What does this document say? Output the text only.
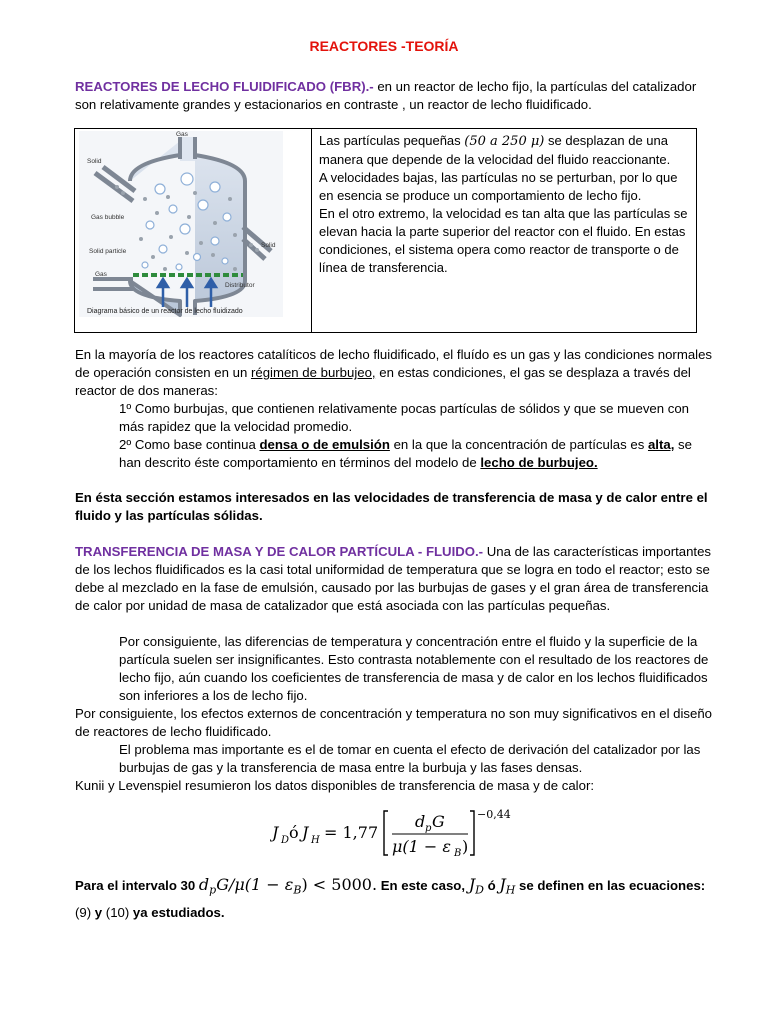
REACTORES -TEORÍA
REACTORES DE LECHO FLUIDIFICADO (FBR).- en un reactor de lecho fijo, la partículas del catalizador son relativamente grandes y estacionarios en contraste , un reactor de lecho fluidificado.
Gas
Solid
Gas bubble
Solid particle
Gas
Solid
Distributor
Diagrama básico de un reactor de lecho fluidizado

Las partículas pequeñas (50 a 250 μ) se desplazan de una manera que depende de la velocidad del fluido reaccionante.
A velocidades bajas, las partículas no se perturban, por lo que en esencia se produce un comportamiento de lecho fijo.
En el otro extremo, la velocidad es tan alta que las partículas se elevan hacia la parte superior del reactor con el fluido. En estas condiciones, el sistema opera como reactor de transporte o de línea de transferencia.
En la mayoría de los reactores catalíticos de lecho fluidificado, el fluído es un gas y las condiciones normales de operación consisten en un régimen de burbujeo, en estas condiciones, el gas se desplaza a través del reactor de dos maneras:
1º Como burbujas, que contienen relativamente pocas partículas de sólidos y que se mueven con más rapidez que la velocidad promedio.
2º Como base continua densa o de emulsión en la que la concentración de partículas es alta, se han descrito éste comportamiento en términos del modelo de lecho de burbujeo.
En ésta sección estamos interesados en las velocidades de transferencia de masa y de calor entre el fluido y las partículas sólidas.
TRANSFERENCIA DE MASA Y DE CALOR PARTÍCULA - FLUIDO.- Una de las características importantes de los lechos fluidificados es la casi total uniformidad de temperatura que se logra en todo el reactor; esto se debe al mezclado en la fase de emulsión, causado por las burbujas de gases y el gran área de transferencia de calor por unidad de masa de catalizador que está asociada con las partículas pequeñas.
Por consiguiente, las diferencias de temperatura y concentración entre el fluido y la superficie de la partícula suelen ser insignificantes. Esto contrasta notablemente con el resultado de los reactores de lecho fijo, aún cuando los coeficientes de transferencia de masa y de calor en los lechos fluidificados son inferiores a los de lecho fijo.
Por consiguiente, los efectos externos de concentración y temperatura no son muy significativos en el diseño de reactores de lecho fluidificado.
El problema mas importante es el de tomar en cuenta el efecto de derivación del catalizador por las burbujas de gas y la transferencia de masa entre la burbuja y las fases densas.
Kunii y Levenspiel resumieron los datos disponibles de transferencia de masa y de calor:
J D ó J H = 1,77
d p G
μ(1 − ε B )
−0,44
Para el intervalo 30 $d_pG/\mu(1 - \varepsilon_B) < 5000$. En este caso, $J_D$ ó $J_H$ se definen en las ecuaciones: (9) y (10) ya estudiados.
